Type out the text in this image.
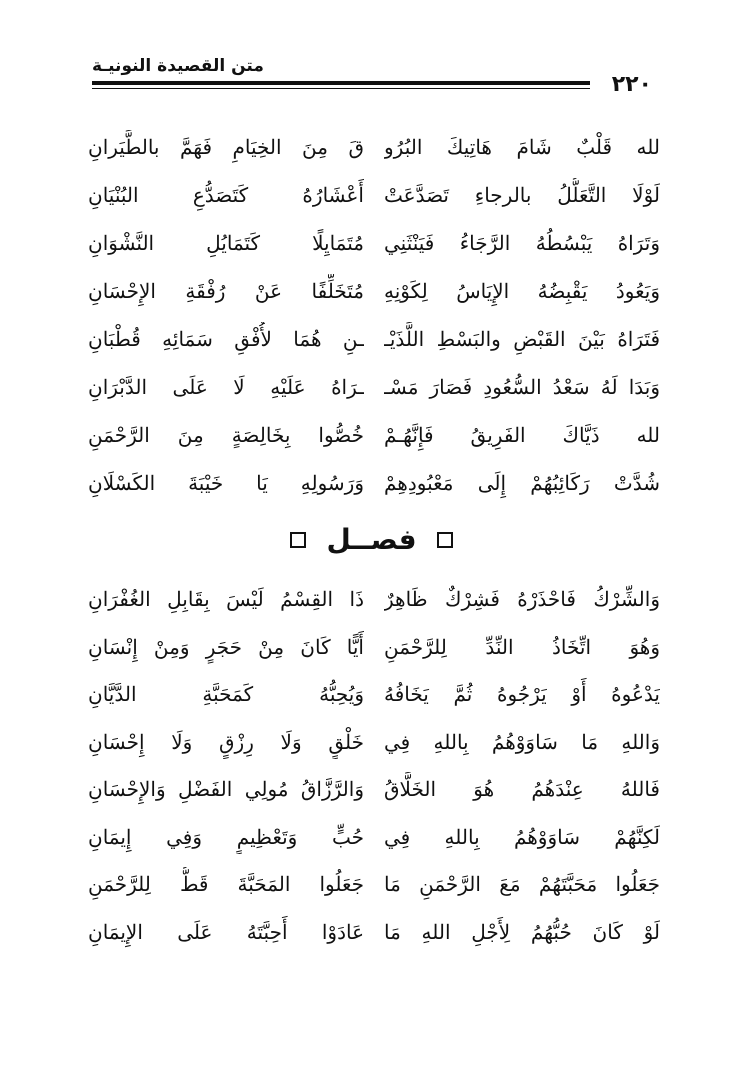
متن القصيدة النونيـة
٢٢٠
لله قَلْبٌ شَامَ هَاتِيكَ البُرُو
قَ مِنَ الخِيَامِ فَهَمَّ بالطَّيَرانِ
لَوْلَا التَّعَلُّلُ بالرجاءِ تَصَدَّعَتْ
أَعْشَارُهُ كَتَصَدُّعِ البُنْيَانِ
وَتَرَاهُ يَبْسُطُهُ الرَّجَاءُ فَيَنْثَنِي
مُتَمَايِلًا كَتَمَايُلِ النَّشْوَانِ
وَيَعُودُ يَقْبِضُهُ الإِيَاسُ لِكَوْنِهِ
مُتَخَلِّفًا عَنْ رُفْقَةِ الإِحْسَانِ
فَتَرَاهُ بَيْنَ القَبْضِ والبَسْطِ اللَّذَيْـ
ـنِ هُمَا لأُفْقِ سَمَائِهِ قُطْبَانِ
وَبَدَا لَهُ سَعْدُ السُّعُودِ فَصَارَ مَسْـ
ـرَاهُ عَلَيْهِ لَا عَلَى الدَّبْرَانِ
لله ذَيَّاكَ الفَرِيقُ فَإِنَّهُـمْ
خُصُّوا بِخَالِصَةٍ مِنَ الرَّحْمَنِ
شُدَّتْ رَكَائِبُهُمْ إِلَى مَعْبُودِهِمْ
وَرَسُولِهِ يَا خَيْبَةَ الكَسْلَانِ
فصــل
وَالشِّرْكُ فَاحْذَرْهُ فَشِرْكٌ ظَاهِرٌ
ذَا القِسْمُ لَيْسَ بِقَابِلِ الغُفْرَانِ
وَهُوَ اتِّخَاذُ النِّدِّ لِلرَّحْمَنِ
أَيًّا كَانَ مِنْ حَجَرٍ وَمِنْ إِنْسَانِ
يَدْعُوهُ أَوْ يَرْجُوهُ ثُمَّ يَخَافُهُ
وَيُحِبُّهُ كَمَحَبَّةِ الدَّيَّانِ
وَاللهِ مَا سَاوَوْهُمُ بِاللهِ فِي
خَلْقٍ وَلَا رِزْقٍ وَلَا إِحْسَانِ
فَاللهُ عِنْدَهُمُ هُوَ الخَلَّاقُ
وَالرَّزَّاقُ مُولِي الفَضْلِ وَالإِحْسَانِ
لَكِنَّهُمْ سَاوَوْهُمُ بِاللهِ فِي
حُبٍّ وَتَعْظِيمٍ وَفِي إِيمَانِ
جَعَلُوا مَحَبَّتَهُمْ مَعَ الرَّحْمَنِ مَا
جَعَلُوا المَحَبَّةَ قَطُّ لِلرَّحْمَنِ
لَوْ كَانَ حُبُّهُمُ لِأَجْلِ اللهِ مَا
عَادَوْا أَحِبَّتَهُ عَلَى الإِيمَانِ
